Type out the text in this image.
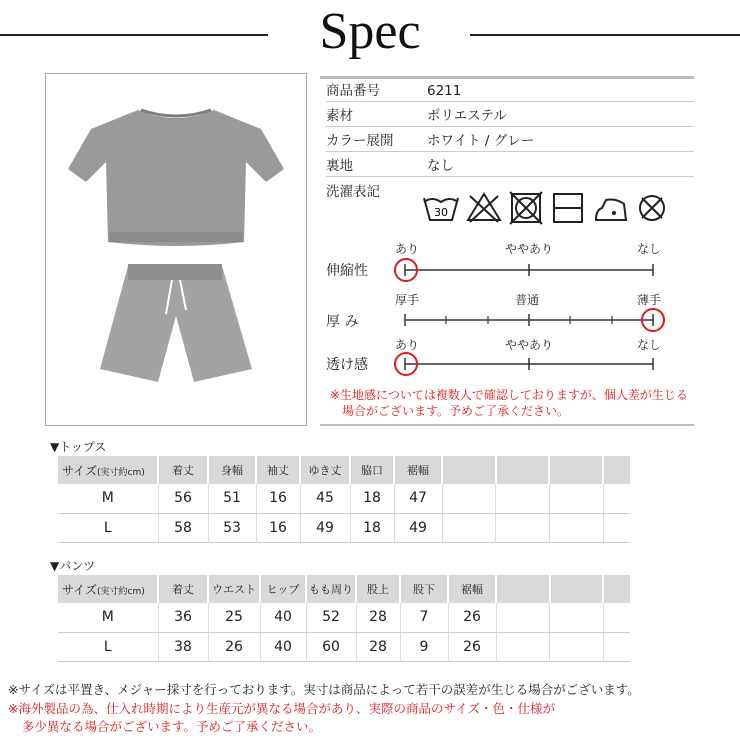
Spec
商品番号	6211
素材	ポリエステル
カラー展開 ホワイト / グレー
裏地	なし
洗濯表記
30
あり	ややあり	なし
伸縮性
厚手	普通	薄手
厚 み
あり	ややあり	なし
透け感
※生地感については複数人で確認しておりますが、個人差が生じる
場合がございます。予めご了承ください。
▼トップス
サイズ(実寸約cm)	着丈	身幅	袖丈	ゆき丈	脇口	裾幅				
M	56	51	16	45	18	47				
L	58	53	16	49	18	49				
▼パンツ
サイズ(実寸約cm)	着丈	ウエスト	ヒップ	もも周り	股上	股下	裾幅			
M	36	25	40	52	28	7	26			
L	38	26	40	60	28	9	26			
※サイズは平置き、メジャー採寸を行っております。実寸は商品によって若干の誤差が生じる場合がございます。
※海外製品の為、仕入れ時期により生産元が異なる場合があり、実際の商品のサイズ・色・仕様が
多少異なる場合がございます。予めご了承ください。
